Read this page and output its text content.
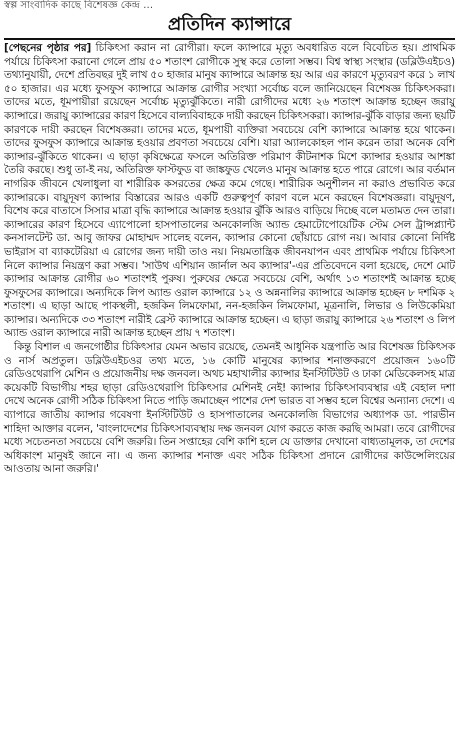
স্বল্প সাংবাদিক কাছে বিশেষজ্ঞ কেন্দ্র …
প্রতিদিন ক্যান্সারে

[পেছনের পৃষ্ঠার পর] চিকিৎসা করান না রোগীরা। ফলে ক্যান্সারে মৃত্যু অবধারিত বলে বিবেচিত হয়। প্রাথমিক পর্যায়ে চিকিৎসা করানো গেলে প্রায় ৫০ শতাংশ রোগীকে সুস্থ করে তোলা সম্ভব। বিশ্ব স্বাস্থ্য সংস্থার (ডব্লিউএইচও) তথ্যানুযায়ী, দেশে প্রতিবছর দুই লাখ ৫০ হাজার মানুষ ক্যান্সারে আক্রান্ত হয় আর এর কারণে মৃত্যুবরণ করে ১ লাখ ৫০ হাজার। এর মধ্যে ফুসফুস ক্যান্সারে আক্রান্ত রোগীর সংখ্যা সর্বোচ্চ বলে জানিয়েছেন বিশেষজ্ঞ চিকিৎসকরা। তাদের মতে, ধূমপায়ীরা রয়েছেন সর্বোচ্চ মৃত্যুঝুঁকিতে। নারী রোগীদের মধ্যে ২৬ শতাংশ আক্রান্ত হচ্ছেন জরায়ু ক্যান্সারে। জরায়ু ক্যান্সারের কারণ হিসেবে বাল্যবিবাহকে দায়ী করছেন চিকিৎসকরা। ক্যান্সার-ঝুঁকি বাড়ার জন্য ছয়টি কারণকে দায়ী করছেন বিশেষজ্ঞরা। তাদের মতে, ধূমপায়ী ব্যক্তিরা সবচেয়ে বেশি ক্যান্সারে আক্রান্ত হয়ে থাকেন। তাদের ফুসফুস ক্যান্সারে আক্রান্ত হওয়ার প্রবণতা সবচেয়ে বেশি। যারা অ্যালকোহল পান করেন তারা অনেক বেশি ক্যান্সার-ঝুঁকিতে থাকেন। এ ছাড়া কৃষিক্ষেত্রে ফসলে অতিরিক্ত পরিমাণ কীটনাশক মিশে ক্যান্সার হওয়ার আশঙ্কা তৈরি করছে। শুধু তা-ই নয়, অতিরিক্ত ফাস্টফুড বা জাঙ্কফুড খেলেও মানুষ আক্রান্ত হতে পারে রোগে। আর বর্তমান নাগরিক জীবনে খেলাধুলা বা শারীরিক কসরতের ক্ষেত্র কমে গেছে। শারীরিক অনুশীলন না করাও প্রভাবিত করে ক্যান্সারকে। বায়ুদূষণ ক্যান্সার বিস্তারের আরও একটি গুরুত্বপূর্ণ কারণ বলে মনে করছেন বিশেষজ্ঞরা। বায়ুদূষণ, বিশেষ করে বাতাসে সিসার মাত্রা বৃদ্ধি ক্যান্সারে আক্রান্ত হওয়ার ঝুঁকি আরও বাড়িয়ে দিচ্ছে বলে মতামত দেন তারা। ক্যান্সারের কারণ হিসেবে এ্যাপোলো হাসপাতালের অনকোলজি অ্যান্ড হেমাটোপোয়েটিক স্টেম সেল ট্রান্সপ্ল্যান্ট কনসালটেন্ট ডা. আবু জাফর মোহাম্মদ সালেহ বলেন, ক্যান্সার কোনো ছোঁয়াচে রোগ নয়। আবার কোনো নির্দিষ্ট ভাইরাস বা ব্যাকটেরিয়া এ রোগের জন্য দায়ী তাও নয়। নিয়মতান্ত্রিক জীবনযাপন এবং প্রাথমিক পর্যায়ে চিকিৎসা নিলে ক্যান্সার নিয়ন্ত্রণ করা সম্ভব। 'সাউথ এশিয়ান জার্নাল অব ক্যান্সার'-এর প্রতিবেদনে বলা হয়েছে, দেশে মোট ক্যান্সার আক্রান্ত রোগীর ৬০ শতাংশই পুরুষ। পুরুষের ক্ষেত্রে সবচেয়ে বেশি, অর্থাৎ ১৩ শতাংশই আক্রান্ত হচ্ছে ফুসফুসের ক্যান্সারে। অন্যদিকে লিপ অ্যান্ড ওরাল ক্যান্সারে ১২ ও অন্ননালির ক্যান্সারে আক্রান্ত হচ্ছেন ৮ দশমিক ২ শতাংশ। এ ছাড়া আছে পাকস্থলী, হজকিন লিমফোমা, নন-হজকিন লিমফোমা, মূত্রনালি, লিভার ও লিউকেমিয়া ক্যান্সার। অন্যদিকে ৩৩ শতাংশ নারীই ব্রেস্ট ক্যান্সারে আক্রান্ত হচ্ছেন। এ ছাড়া জরায়ু ক্যান্সারে ২৬ শতাংশ ও লিপ অ্যান্ড ওরাল ক্যান্সারে নারী আক্রান্ত হচ্ছেন প্রায় ৭ শতাংশ।

কিন্তু বিশাল এ জনগোষ্ঠীর চিকিৎসার যেমন অভাব রয়েছে, তেমনই আধুনিক যন্ত্রপাতি আর বিশেষজ্ঞ চিকিৎসক ও নার্স অপ্রতুল। ডব্লিউএইচওর তথ্য মতে, ১৬ কোটি মানুষের ক্যান্সার শনাক্তকরণে প্রয়োজন ১৬০টি রেডিওথেরাপি মেশিন ও প্রয়োজনীয় দক্ষ জনবল। অথচ মহাখালীর ক্যান্সার ইনস্টিটিউট ও ঢাকা মেডিকেলসহ মাত্র কয়েকটি বিভাগীয় শহর ছাড়া রেডিওথেরাপি চিকিৎসার মেশিনই নেই! ক্যান্সার চিকিৎসাব্যবস্থার এই বেহাল দশা দেখে অনেক রোগী সঠিক চিকিৎসা নিতে পাড়ি জমাচ্ছেন পাশের দেশ ভারত বা সম্ভব হলে বিশ্বের অন্যান্য দেশে। এ ব্যাপারে জাতীয় ক্যান্সার গবেষণা ইনস্টিটিউট ও হাসপাতালের অনকোলজি বিভাগের অধ্যাপক ডা. পারভীন শাহিদা আক্তার বলেন, 'বাংলাদেশের চিকিৎসাব্যবস্থায় দক্ষ জনবল যোগ করতে কাজ করছি আমরা। তবে রোগীদের মধ্যে সচেতনতা সবচেয়ে বেশি জরুরি। তিন সপ্তাহের বেশি কাশি হলে যে ডাক্তার দেখানো বাধ্যতামূলক, তা দেশের অধিকাংশ মানুষই জানে না। এ জন্য ক্যান্সার শনাক্ত এবং সঠিক চিকিৎসা প্রদানে রোগীদের কাউন্সেলিংয়ের আওতায় আনা জরুরি।'
